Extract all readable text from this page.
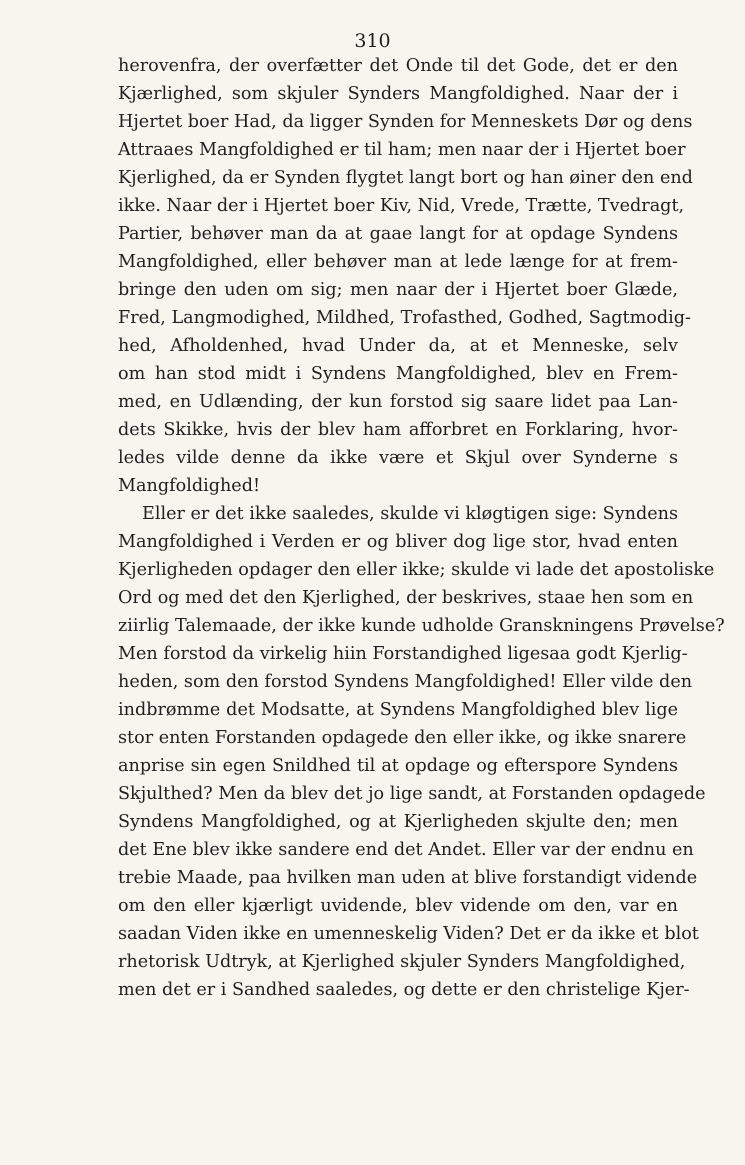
310
herovenfra, der overfætter det Onde til det Gode, det er den
Kjærlighed, som skjuler Synders Mangfoldighed. Naar der i
Hjertet boer Had, da ligger Synden for Menneskets Dør og dens
Attraaes Mangfoldighed er til ham; men naar der i Hjertet boer
Kjerlighed, da er Synden flygtet langt bort og han øiner den end
ikke. Naar der i Hjertet boer Kiv, Nid, Vrede, Trætte, Tvedragt,
Partier, behøver man da at gaae langt for at opdage Syndens
Mangfoldighed, eller behøver man at lede længe for at frem-
bringe den uden om sig; men naar der i Hjertet boer Glæde,
Fred, Langmodighed, Mildhed, Trofasthed, Godhed, Sagtmodig-
hed, Afholdenhed, hvad Under da, at et Menneske, selv
om han stod midt i Syndens Mangfoldighed, blev en Frem-
med, en Udlænding, der kun forstod sig saare lidet paa Lan-
dets Skikke, hvis der blev ham afforbret en Forklaring, hvor-
ledes vilde denne da ikke være et Skjul over Synderne s
Mangfoldighed!
Eller er det ikke saaledes, skulde vi kløgtigen sige: Syndens
Mangfoldighed i Verden er og bliver dog lige stor, hvad enten
Kjerligheden opdager den eller ikke; skulde vi lade det apostoliske
Ord og med det den Kjerlighed, der beskrives, staae hen som en
ziirlig Talemaade, der ikke kunde udholde Granskningens Prøvelse?
Men forstod da virkelig hiin Forstandighed ligesaa godt Kjerlig-
heden, som den forstod Syndens Mangfoldighed! Eller vilde den
indbrømme det Modsatte, at Syndens Mangfoldighed blev lige
stor enten Forstanden opdagede den eller ikke, og ikke snarere
anprise sin egen Snildhed til at opdage og efterspore Syndens
Skjulthed? Men da blev det jo lige sandt, at Forstanden opdagede
Syndens Mangfoldighed, og at Kjerligheden skjulte den; men
det Ene blev ikke sandere end det Andet. Eller var der endnu en
trebie Maade, paa hvilken man uden at blive forstandigt vidende
om den eller kjærligt uvidende, blev vidende om den, var en
saadan Viden ikke en umenneskelig Viden? Det er da ikke et blot
rhetorisk Udtryk, at Kjerlighed skjuler Synders Mangfoldighed,
men det er i Sandhed saaledes, og dette er den christelige Kjer-
